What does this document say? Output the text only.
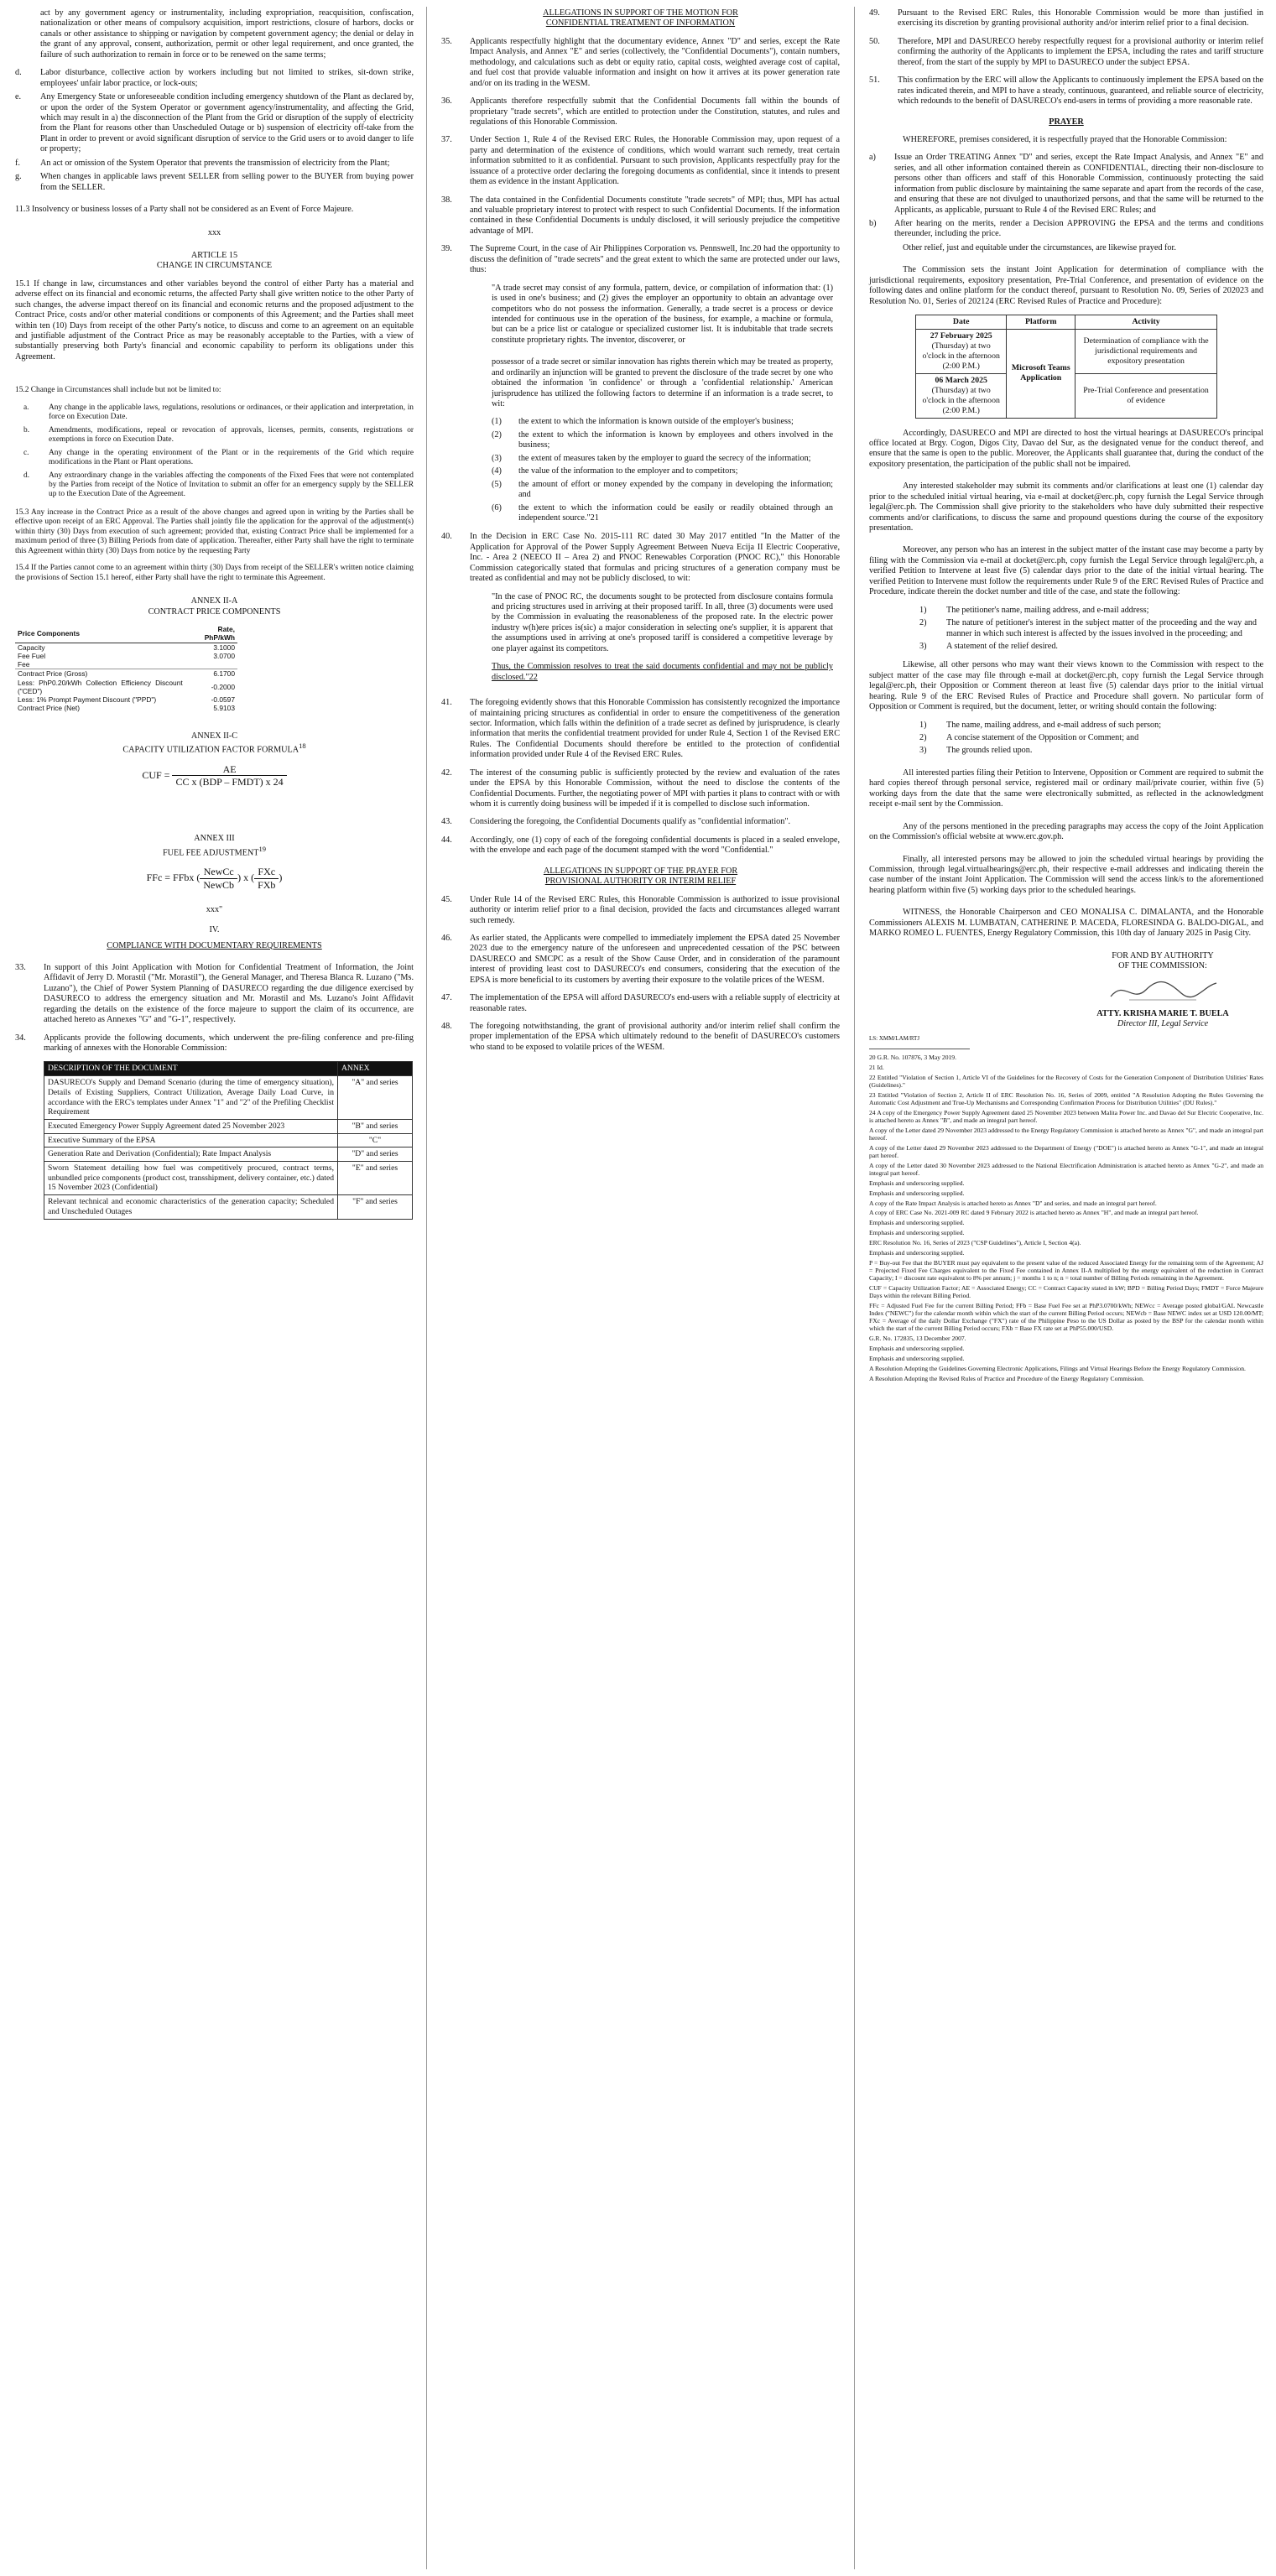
act by any government agency or instrumentality, including expropriation, reacquisition, confiscation, nationalization or other means of compulsory acquisition, import restrictions, closure of harbors, docks or canals or other assistance to shipping or navigation by competent government agency; the denial or delay in the grant of any approval, consent, authorization, permit or other legal requirement, and once granted, the failure of such authorization to remain in force or to be renewed on the same terms;

d.	Labor disturbance, collective action by workers including but not limited to strikes, sit-down strike, employees' unfair labor practice, or lock-outs;
e.	Any Emergency State or unforeseeable condition including emergency shutdown of the Plant as declared by, or upon the order of the System Operator or government agency/instrumentality, and affecting the Grid, which may result in a) the disconnection of the Plant from the Grid or disruption of the supply of electricity from the Plant for reasons other than Unscheduled Outage or b) suspension of electricity off-take from the Plant in order to prevent or avoid significant disruption of service to the Grid users or to avoid danger to life or property;
f.	An act or omission of the System Operator that prevents the transmission of electricity from the Plant;
g.	When changes in applicable laws prevent SELLER from selling power to the BUYER from buying power from the SELLER.

11.3 Insolvency or business losses of a Party shall not be considered as an Event of Force Majeure.

xxx

ARTICLE 15

CHANGE IN CIRCUMSTANCE

15.1 If change in law, circumstances and other variables beyond the control of either Party has a material and adverse effect on its financial and economic returns, the affected Party shall give written notice to the other Party of such changes, the adverse impact thereof on its financial and economic returns and the proposed adjustment to the Contract Price, costs and/or other material conditions or components of this Agreement; and the Parties shall meet within ten (10) Days from receipt of the other Party's notice, to discuss and come to an agreement on an equitable and justifiable adjustment of the Contract Price as may be reasonably acceptable to the Parties, with a view of substantially preserving both Party's financial and economic capability to perform its obligations under this Agreement.

15.2 Change in Circumstances shall include but not be limited to:

a.	Any change in the applicable laws, regulations, resolutions or ordinances, or their application and interpretation, in force on Execution Date.
b.	Amendments, modifications, repeal or revocation of approvals, licenses, permits, consents, registrations or exemptions in force on Execution Date.
c.	Any change in the operating environment of the Plant or in the requirements of the Grid which require modifications in the Plant or Plant operations.
d.	Any extraordinary change in the variables affecting the components of the Fixed Fees that were not contemplated by the Parties from receipt of the Notice of Invitation to submit an offer for an emergency supply by the SELLER up to the Execution Date of the Agreement.

15.3 Any increase in the Contract Price as a result of the above changes and agreed upon in writing by the Parties shall be effective upon receipt of an ERC Approval. The Parties shall jointly file the application for the approval of the adjustment(s) within thirty (30) Days from execution of such agreement; provided that, existing Contract Price shall be implemented for a maximum period of three (3) Billing Periods from date of application. Thereafter, either Party shall have the right to terminate this Agreement within thirty (30) Days from notice by the requesting Party

15.4 If the Parties cannot come to an agreement within thirty (30) Days from receipt of the SELLER's written notice claiming the provisions of Section 15.1 hereof, either Party shall have the right to terminate this Agreement.

ANNEX II-A

CONTRACT PRICE COMPONENTS

Price Components	Rate, PhP/kWh
Capacity	3.1000
Fee Fuel	3.0700
Fee	
Contract Price (Gross)	6.1700
Less: PhP0.20/kWh Collection Efficiency Discount ("CED")	-0.2000
Less: 1% Prompt Payment Discount ("PPD")	-0.0597
Contract Price (Net)	5.9103

ANNEX II-C

CAPACITY UTILIZATION FACTOR FORMULA$^{18}$

CUF = $\frac{AE}{\text{CC x (BDP – FMDT) x 24}}$

ANNEX III

FUEL FEE ADJUSTMENT$^{19}$

FFc = FFbx ( $\frac{\text{NewCc}}{\text{NewCb}}$ ) x ( $\frac{\text{FXc}}{\text{FXb}}$ )

xxx"

IV.

COMPLIANCE WITH DOCUMENTARY REQUIREMENTS

33.	In support of this Joint Application with Motion for Confidential Treatment of Information, the Joint Affidavit of Jerry D. Morastil ("Mr. Morastil"), the General Manager, and Theresa Blanca R. Luzano ("Ms. Luzano"), the Chief of Power System Planning of DASURECO regarding the due diligence exercised by DASURECO to address the emergency situation and Mr. Morastil and Ms. Luzano's Joint Affidavit regarding the details on the existence of the force majeure to support the claim of its occurrence, are attached hereto as Annexes "G" and "G-1", respectively.
34.	Applicants provide the following documents, which underwent the pre-filing conference and pre-filing marking of annexes with the Honorable Commission:
DESCRIPTION OF THE DOCUMENT	ANNEX
DASURECO's Supply and Demand Scenario (during the time of emergency situation), Details of Existing Suppliers, Contract Utilization, Average Daily Load Curve, in accordance with the ERC's templates under Annex "1" and "2" of the Prefiling Checklist Requirement	"A" and series
Executed Emergency Power Supply Agreement dated 25 November 2023	"B" and series
Executive Summary of the EPSA	"C"
Generation Rate and Derivation (Confidential); Rate Impact Analysis	"D" and series
Sworn Statement detailing how fuel was competitively procured, contract terms, unbundled price components (product cost, transshipment, delivery container, etc.) dated 15 November 2023 (Confidential)	"E" and series
Relevant technical and economic characteristics of the generation capacity; Scheduled and Unscheduled Outages	"F" and series

ALLEGATIONS IN SUPPORT OF THE MOTION FOR

CONFIDENTIAL TREATMENT OF INFORMATION

35.	Applicants respectfully highlight that the documentary evidence, Annex "D" and series, except the Rate Impact Analysis, and Annex "E" and series (collectively, the "Confidential Documents"), contain numbers, methodology, and calculations such as debt or equity ratio, capital costs, weighted average cost of capital, and fuel cost that provide valuable information and insight on how it arrives at its power generation rate and/or on its trading in the WESM.
36.	Applicants therefore respectfully submit that the Confidential Documents fall within the bounds of proprietary "trade secrets", which are entitled to protection under the Constitution, statutes, and rules and regulations of this Honorable Commission.
37.	Under Section 1, Rule 4 of the Revised ERC Rules, the Honorable Commission may, upon request of a party and determination of the existence of conditions, which would warrant such remedy, treat certain information submitted to it as confidential. Pursuant to such provision, Applicants respectfully pray for the issuance of a protective order declaring the foregoing documents as confidential, since it intends to present them as evidence in the instant Application.
38.	The data contained in the Confidential Documents constitute "trade secrets" of MPI; thus, MPI has actual and valuable proprietary interest to protect with respect to such Confidential Documents. If the information contained in these Confidential Documents is unduly disclosed, it will seriously prejudice the competitive advantage of MPI.
39.	The Supreme Court, in the case of Air Philippines Corporation vs. Pennswell, Inc.20 had the opportunity to discuss the definition of "trade secrets" and the great extent to which the same are protected under our laws, thus:

"A trade secret may consist of any formula, pattern, device, or compilation of information that: (1) is used in one's business; and (2) gives the employer an opportunity to obtain an advantage over competitors who do not possess the information. Generally, a trade secret is a process or device intended for continuous use in the operation of the business, for example, a machine or formula, but can be a price list or catalogue or specialized customer list. It is indubitable that trade secrets constitute proprietary rights. The inventor, discoverer, or

possessor of a trade secret or similar innovation has rights therein which may be treated as property, and ordinarily an injunction will be granted to prevent the disclosure of the trade secret by one who obtained the information 'in confidence' or through a 'confidential relationship.' American jurisprudence has utilized the following factors to determine if an information is a trade secret, to wit:

(1)	the extent to which the information is known outside of the employer's business;
(2)	the extent to which the information is known by employees and others involved in the business;
(3)	the extent of measures taken by the employer to guard the secrecy of the information;
(4)	the value of the information to the employer and to competitors;
(5)	the amount of effort or money expended by the company in developing the information; and
(6)	the extent to which the information could be easily or readily obtained through an independent source."21
40.	In the Decision in ERC Case No. 2015-111 RC dated 30 May 2017 entitled "In the Matter of the Application for Approval of the Power Supply Agreement Between Nueva Ecija II Electric Cooperative, Inc. - Area 2 (NEECO II – Area 2) and PNOC Renewables Corporation (PNOC RC)," this Honorable Commission categorically stated that formulas and pricing structures of a generation company must be treated as confidential and may not be publicly disclosed, to wit:

"In the case of PNOC RC, the documents sought to be protected from disclosure contains formula and pricing structures used in arriving at their proposed tariff. In all, three (3) documents were used by the Commission in evaluating the reasonableness of the proposed rate. In the electric power industry w(h)ere prices is(sic) a major consideration in selecting one's supplier, it is apparent that the assumptions used in arriving at one's proposed tariff is considered a competitive leverage by one player against its competitors.

Thus, the Commission resolves to treat the said documents confidential and may not be publicly disclosed."22

41.	The foregoing evidently shows that this Honorable Commission has consistently recognized the importance of maintaining pricing structures as confidential in order to ensure the competitiveness of the generation sector. Information, which falls within the definition of a trade secret as defined by jurisprudence, is clearly information that merits the confidential treatment provided for under Rule 4, Section 1 of the Revised ERC Rules. The Confidential Documents should therefore be entitled to the protection of confidential information provided under Rule 4 of the Revised ERC Rules.
42.	The interest of the consuming public is sufficiently protected by the review and evaluation of the rates under the EPSA by this Honorable Commission, without the need to disclose the contents of the Confidential Documents. Further, the negotiating power of MPI with parties it plans to contract with or with whom it is currently doing business will be impeded if it is compelled to disclose such information.
43.	Considering the foregoing, the Confidential Documents qualify as "confidential information".
44.	Accordingly, one (1) copy of each of the foregoing confidential documents is placed in a sealed envelope, with the envelope and each page of the document stamped with the word "Confidential."

ALLEGATIONS IN SUPPORT OF THE PRAYER FOR

PROVISIONAL AUTHORITY OR INTERIM RELIEF

45.	Under Rule 14 of the Revised ERC Rules, this Honorable Commission is authorized to issue provisional authority or interim relief prior to a final decision, provided the facts and circumstances alleged warrant such remedy.
46.	As earlier stated, the Applicants were compelled to immediately implement the EPSA dated 25 November 2023 due to the emergency nature of the unforeseen and unprecedented cessation of the PSC between DASURECO and SMCPC as a result of the Show Cause Order, and in consideration of the paramount interest of providing least cost to DASURECO's end consumers, considering that the execution of the EPSA is more beneficial to its customers by averting their exposure to the volatile prices of the WESM.
47.	The implementation of the EPSA will afford DASURECO's end-users with a reliable supply of electricity at reasonable rates.
48.	The foregoing notwithstanding, the grant of provisional authority and/or interim relief shall confirm the proper implementation of the EPSA which ultimately redound to the benefit of DASURECO's customers who stand to be exposed to volatile prices of the WESM.
49.	Pursuant to the Revised ERC Rules, this Honorable Commission would be more than justified in exercising its discretion by granting provisional authority and/or interim relief prior to a final decision.
50.	Therefore, MPI and DASURECO hereby respectfully request for a provisional authority or interim relief confirming the authority of the Applicants to implement the EPSA, including the rates and tariff structure thereof, from the start of the supply by MPI to DASURECO under the subject EPSA.
51.	This confirmation by the ERC will allow the Applicants to continuously implement the EPSA based on the rates indicated therein, and MPI to have a steady, continuous, guaranteed, and reliable source of electricity, which redounds to the benefit of DASURECO's end-users in terms of providing a more reasonable rate.

PRAYER

WHEREFORE, premises considered, it is respectfully prayed that the Honorable Commission:

a)	Issue an Order TREATING Annex "D" and series, except the Rate Impact Analysis, and Annex "E" and series, and all other information contained therein as CONFIDENTIAL, directing their non-disclosure to persons other than officers and staff of this Honorable Commission, continuously protecting the said information from public disclosure by maintaining the same separate and apart from the records of the case, and ensuring that these are not divulged to unauthorized persons, and that the same will be returned to the Applicants, as applicable, pursuant to Rule 4 of the Revised ERC Rules; and
b)	After hearing on the merits, render a Decision APPROVING the EPSA and the terms and conditions thereunder, including the price.

Other relief, just and equitable under the circumstances, are likewise prayed for.

The Commission sets the instant Joint Application for determination of compliance with the jurisdictional requirements, expository presentation, Pre-Trial Conference, and presentation of evidence on the following dates and online platform for the conduct thereof, pursuant to Resolution No. 09, Series of 202023 and Resolution No. 01, Series of 202124 (ERC Revised Rules of Practice and Procedure):

Date	Platform	Activity
27 February 2025
(Thursday) at two o'clock in the afternoon (2:00 P.M.)	Microsoft Teams Application	Determination of compliance with the jurisdictional requirements and expository presentation
06 March 2025
(Thursday) at two o'clock in the afternoon (2:00 P.M.)		Pre-Trial Conference and presentation of evidence

Accordingly, DASURECO and MPI are directed to host the virtual hearings at DASURECO's principal office located at Brgy. Cogon, Digos City, Davao del Sur, as the designated venue for the conduct thereof, and ensure that the same is open to the public. Moreover, the Applicants shall guarantee that, during the conduct of the expository presentation, the participation of the public shall not be impaired.

Any interested stakeholder may submit its comments and/or clarifications at least one (1) calendar day prior to the scheduled initial virtual hearing, via e-mail at docket@erc.ph, copy furnish the Legal Service through legal@erc.ph. The Commission shall give priority to the stakeholders who have duly submitted their respective comments and/or clarifications, to discuss the same and propound questions during the course of the expository presentation.

Moreover, any person who has an interest in the subject matter of the instant case may become a party by filing with the Commission via e-mail at docket@erc.ph, copy furnish the Legal Service through legal@erc.ph, a verified Petition to Intervene at least five (5) calendar days prior to the date of the initial virtual hearing. The verified Petition to Intervene must follow the requirements under Rule 9 of the ERC Revised Rules of Practice and Procedure, indicate therein the docket number and title of the case, and state the following:

1)	The petitioner's name, mailing address, and e-mail address;
2)	The nature of petitioner's interest in the subject matter of the proceeding and the way and manner in which such interest is affected by the issues involved in the proceeding; and
3)	A statement of the relief desired.

Likewise, all other persons who may want their views known to the Commission with respect to the subject matter of the case may file through e-mail at docket@erc.ph, copy furnish the Legal Service through legal@erc.ph, their Opposition or Comment thereon at least five (5) calendar days prior to the initial virtual hearing. Rule 9 of the ERC Revised Rules of Practice and Procedure shall govern. No particular form of Opposition or Comment is required, but the document, letter, or writing should contain the following:

1)	The name, mailing address, and e-mail address of such person;
2)	A concise statement of the Opposition or Comment; and
3)	The grounds relied upon.

All interested parties filing their Petition to Intervene, Opposition or Comment are required to submit the hard copies thereof through personal service, registered mail or ordinary mail/private courier, within five (5) working days from the date that the same were electronically submitted, as reflected in the acknowledgment receipt e-mail sent by the Commission.

Any of the persons mentioned in the preceding paragraphs may access the copy of the Joint Application on the Commission's official website at www.erc.gov.ph.

Finally, all interested persons may be allowed to join the scheduled virtual hearings by providing the Commission, through legal.virtualhearings@erc.ph, their respective e-mail addresses and indicating therein the case number of the instant Joint Application. The Commission will send the access link/s to the aforementioned hearing platform within five (5) working days prior to the scheduled hearings.

WITNESS, the Honorable Chairperson and CEO MONALISA C. DIMALANTA, and the Honorable Commissioners ALEXIS M. LUMBATAN, CATHERINE P. MACEDA, FLORESINDA G. BALDO-DIGAL, and MARKO ROMEO L. FUENTES, Energy Regulatory Commission, this 10th day of January 2025 in Pasig City.

FOR AND BY AUTHORITY
OF THE COMMISSION:
ATTY. KRISHA MARIE T. BUELA
Director III, Legal Service
LS: XMM/LAM/RTJ

20 G.R. No. 107876, 3 May 2019.

21 Id.

22 Entitled "Violation of Section 1, Article VI of the Guidelines for the Recovery of Costs for the Generation Component of Distribution Utilities' Rates (Guidelines)."

23 Entitled "Violation of Section 2, Article II of ERC Resolution No. 16, Series of 2009, entitled "A Resolution Adopting the Rules Governing the Automatic Cost Adjustment and True-Up Mechanisms and Corresponding Confirmation Process for Distribution Utilities" (DU Rules)."

24 A copy of the Emergency Power Supply Agreement dated 25 November 2023 between Malita Power Inc. and Davao del Sur Electric Cooperative, Inc. is attached hereto as Annex "B", and made an integral part hereof.

A copy of the Letter dated 29 November 2023 addressed to the Energy Regulatory Commission is attached hereto as Annex "G", and made an integral part hereof.

A copy of the Letter dated 29 November 2023 addressed to the Department of Energy ("DOE") is attached hereto as Annex "G-1", and made an integral part hereof.

A copy of the Letter dated 30 November 2023 addressed to the National Electrification Administration is attached hereto as Annex "G-2", and made an integral part hereof.

Emphasis and underscoring supplied.

Emphasis and underscoring supplied.

A copy of the Rate Impact Analysis is attached hereto as Annex "D" and series, and made an integral part hereof.

A copy of ERC Case No. 2021-009 RC dated 9 February 2022 is attached hereto as Annex "H", and made an integral part hereof.

Emphasis and underscoring supplied.

Emphasis and underscoring supplied.

ERC Resolution No. 16, Series of 2023 ("CSP Guidelines"), Article I, Section 4(a).

Emphasis and underscoring supplied.

P = Buy-out Fee that the BUYER must pay equivalent to the present value of the reduced Associated Energy for the remaining term of the Agreement; AJ = Projected Fixed Fee Charges equivalent to the Fixed Fee contained in Annex II-A multiplied by the energy equivalent of the reduction in Contract Capacity; I = discount rate equivalent to 8% per annum; j = months 1 to n; n = total number of Billing Periods remaining in the Agreement.

CUF = Capacity Utilization Factor; AE = Associated Energy; CC = Contract Capacity stated in kW; BPD = Billing Period Days; FMDT = Force Majeure Days within the relevant Billing Period.

FFc = Adjusted Fuel Fee for the current Billing Period; FFb = Base Fuel Fee set at PhP3.0700/kWh; NEWcc = Average posted global/GAL Newcastle Index ("NEWC") for the calendar month within which the start of the current Billing Period occurs; NEWcb = Base NEWC index set at USD 120.00/MT; FXc = Average of the daily Dollar Exchange ("FX") rate of the Philippine Peso to the US Dollar as posted by the BSP for the calendar month within which the start of the current Billing Period occurs; FXb = Base FX rate set at PhP55.000/USD.

G.R. No. 172835, 13 December 2007.

Emphasis and underscoring supplied.

Emphasis and underscoring supplied.

A Resolution Adopting the Guidelines Governing Electronic Applications, Filings and Virtual Hearings Before the Energy Regulatory Commission.

A Resolution Adopting the Revised Rules of Practice and Procedure of the Energy Regulatory Commission.
